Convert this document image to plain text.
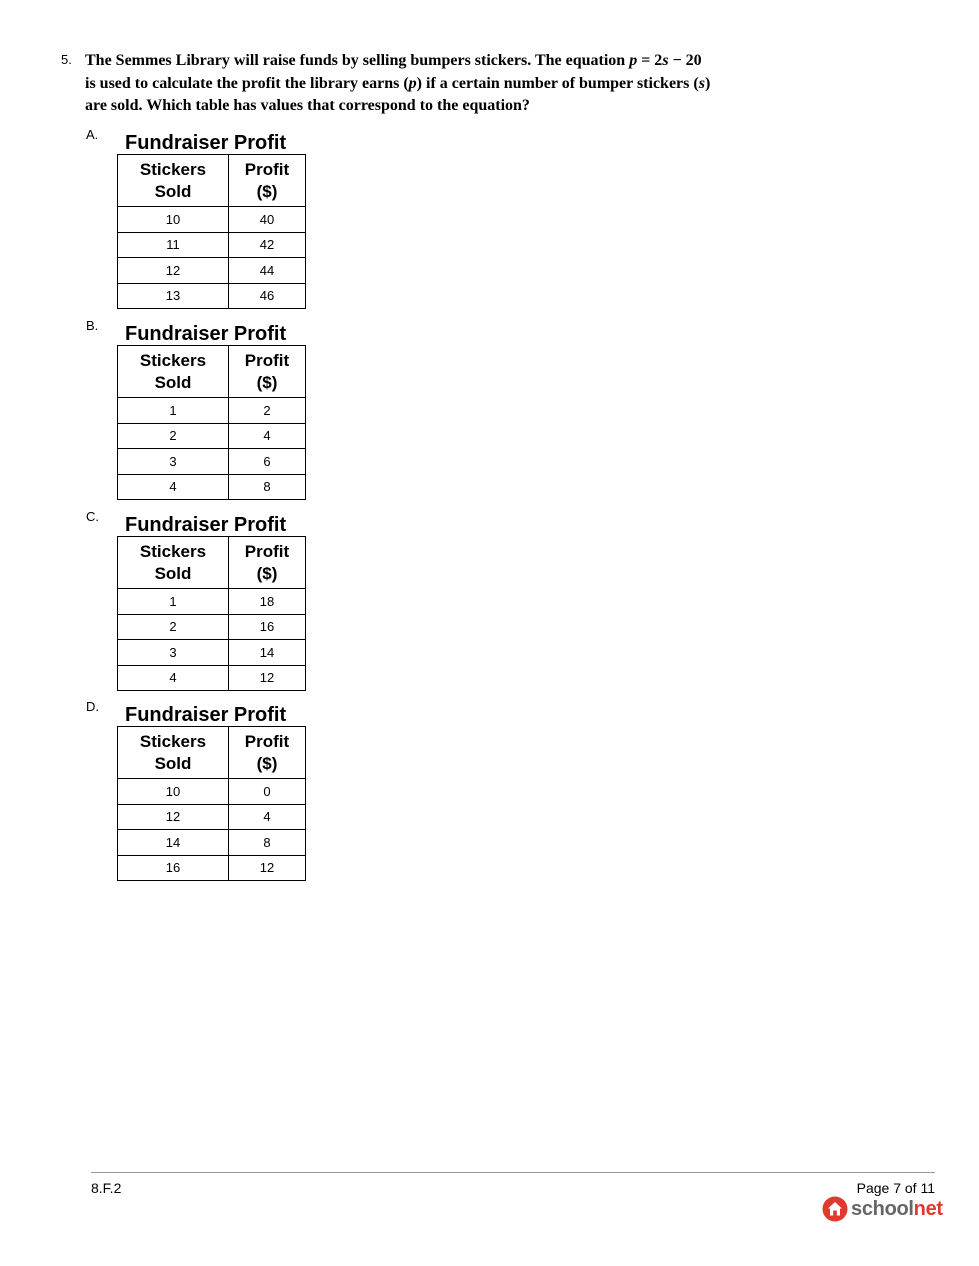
5. The Semmes Library will raise funds by selling bumpers stickers. The equation p = 2s − 20
is used to calculate the profit the library earns (p) if a certain number of bumper stickers (s)
are sold. Which table has values that correspond to the equation?
A. Fundraiser Profit
Stickers
Sold	Profit
($)

10	40
11	42
12	44
13	46
B. Fundraiser Profit
Stickers
Sold	Profit
($)

1	2
2	4
3	6
4	8
C. Fundraiser Profit
Stickers
Sold	Profit
($)

1	18
2	16
3	14
4	12
D. Fundraiser Profit
Stickers
Sold	Profit
($)

10	0
12	4
14	8
16	12
8.F.2	Page 7 of 11
schoolnet
